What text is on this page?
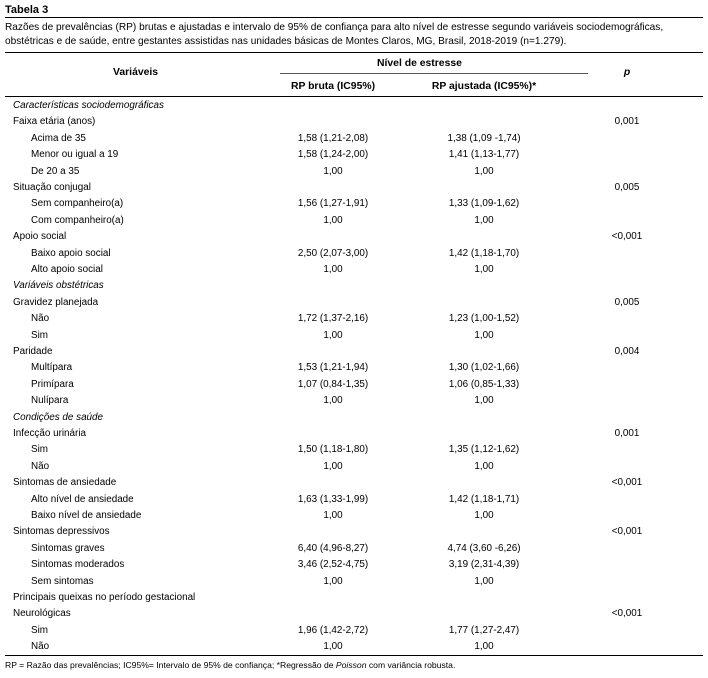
Tabela 3
Razões de prevalências (RP) brutas e ajustadas e intervalo de 95% de confiança para alto nível de estresse segundo variáveis sociodemográficas, obstétricas e de saúde, entre gestantes assistidas nas unidades básicas de Montes Claros, MG, Brasil, 2018-2019 (n=1.279).
Variáveis
Nível de estresse
RP bruta (IC95%)	RP ajustada (IC95%)*
p
Características sociodemográficas
Faixa etária (anos)	0,001
Acima de 35	1,58 (1,21-2,08)	1,38 (1,09 -1,74)
Menor ou igual a 19	1,58 (1,24-2,00)	1,41 (1,13-1,77)
De 20 a 35	1,00	1,00
Situação conjugal	0,005
Sem companheiro(a)	1,56 (1,27-1,91)	1,33 (1,09-1,62)
Com companheiro(a)	1,00	1,00
Apoio social	<0,001
Baixo apoio social	2,50 (2,07-3,00)	1,42 (1,18-1,70)
Alto apoio social	1,00	1,00
Variáveis obstétricas
Gravidez planejada	0,005
Não	1,72 (1,37-2,16)	1,23 (1,00-1,52)
Sim	1,00	1,00
Paridade	0,004
Multípara	1,53 (1,21-1,94)	1,30 (1,02-1,66)
Primípara	1,07 (0,84-1,35)	1,06 (0,85-1,33)
Nulípara	1,00	1,00
Condições de saúde
Infecção urinária	0,001
Sim	1,50 (1,18-1,80)	1,35 (1,12-1,62)
Não	1,00	1,00
Sintomas de ansiedade	<0,001
Alto nível de ansiedade	1,63 (1,33-1,99)	1,42 (1,18-1,71)
Baixo nível de ansiedade	1,00	1,00
Sintomas depressivos	<0,001
Sintomas graves	6,40 (4,96-8,27)	4,74 (3,60 -6,26)
Sintomas moderados	3,46 (2,52-4,75)	3,19 (2,31-4,39)
Sem sintomas	1,00	1,00
Principais queixas no período gestacional
Neurológicas	<0,001
Sim	1,96 (1,42-2,72)	1,77 (1,27-2,47)
Não	1,00	1,00
RP = Razão das prevalências; IC95%= Intervalo de 95% de confiança; *Regressão de Poisson com variância robusta.
